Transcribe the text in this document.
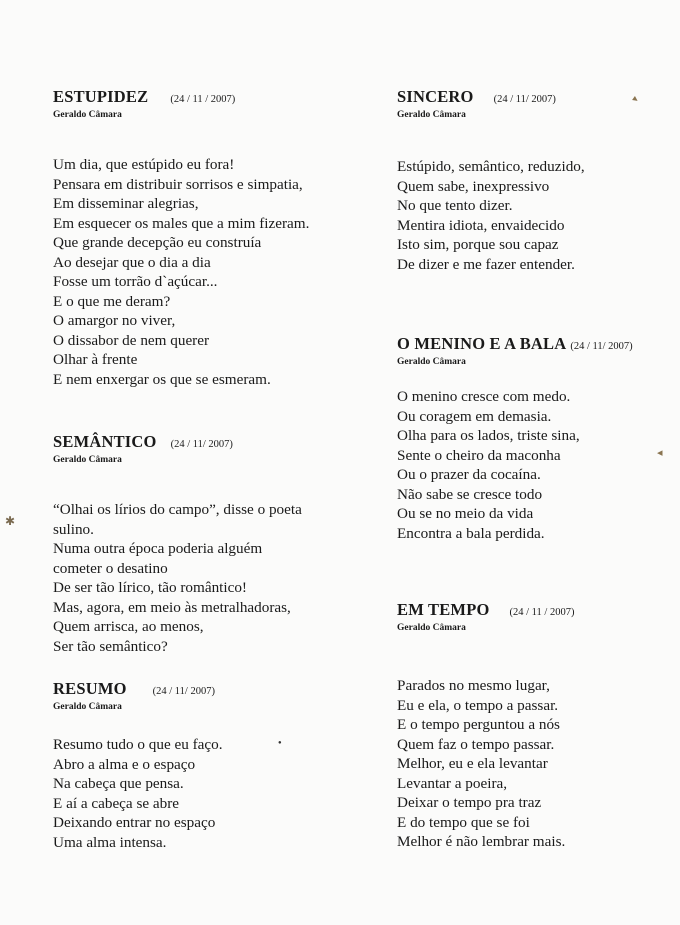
ESTUPIDEZ (24 / 11 / 2007)
Geraldo Câmara
Um dia, que estúpido eu fora!
Pensara em distribuir sorrisos e simpatia,
Em disseminar alegrias,
Em esquecer os males que a mim fizeram.
Que grande decepção eu construía
Ao desejar que o dia a dia
Fosse um torrão d`açúcar...
E o que me deram?
O amargor no viver,
O dissabor de nem querer
Olhar à frente
E nem enxergar os que se esmeram.
SEMÂNTICO (24 / 11/ 2007)
Geraldo Câmara
“Olhai os lírios do campo”, disse o poeta
sulino.
Numa outra época poderia alguém
cometer o desatino
De ser tão lírico, tão romântico!
Mas, agora, em meio às metralhadoras,
Quem arrisca, ao menos,
Ser tão semântico?
RESUMO (24 / 11/ 2007)
Geraldo Câmara
Resumo tudo o que eu faço.
Abro a alma e o espaço
Na cabeça que pensa.
E aí a cabeça se abre
Deixando entrar no espaço
Uma alma intensa.
SINCERO (24 / 11/ 2007)
Geraldo Câmara
Estúpido, semântico, reduzido,
Quem sabe, inexpressivo
No que tento dizer.
Mentira idiota, envaidecido
Isto sim, porque sou capaz
De dizer e me fazer entender.
O MENINO E A BALA (24 / 11/ 2007)
Geraldo Câmara
O menino cresce com medo.
Ou coragem em demasia.
Olha para os lados, triste sina,
Sente o cheiro da maconha
Ou o prazer da cocaína.
Não sabe se cresce todo
Ou se no meio da vida
Encontra a bala perdida.
EM TEMPO (24 / 11 / 2007)
Geraldo Câmara
Parados no mesmo lugar,
Eu e ela, o tempo a passar.
E o tempo perguntou a nós
Quem faz o tempo passar.
Melhor, eu e ela levantar
Levantar a poeira,
Deixar o tempo pra traz
E do tempo que se foi
Melhor é não lembrar mais.
▸
◂
✱
●
